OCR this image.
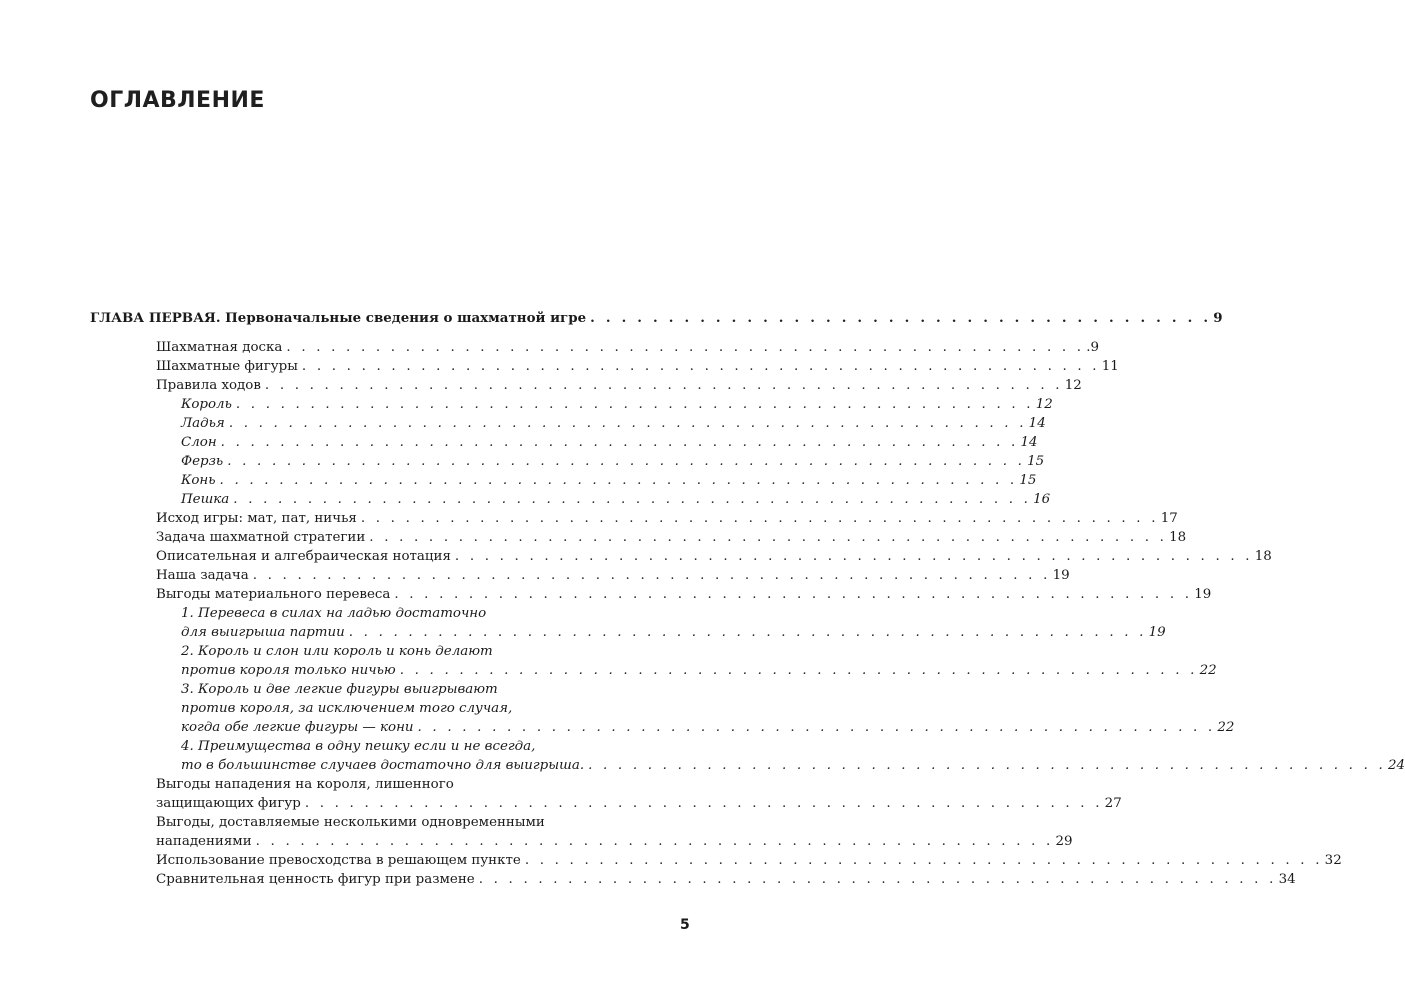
ОГЛАВЛЕНИЕ
ГЛАВА ПЕРВАЯ. Первоначальные сведения о шахматной игре . . . . . . . . . . . . . . . . . . . . . . . . . . . . . . . . . . . . . . . . 9
Шахматная доска . . . . . . . . . . . . . . . . . . . . . . . . . . . . . . . . . . . . . . . . . . . . . . . . . . . . . . .9
Шахматные фигуры . . . . . . . . . . . . . . . . . . . . . . . . . . . . . . . . . . . . . . . . . . . . . . . . . . . . . . 11
Правила ходов . . . . . . . . . . . . . . . . . . . . . . . . . . . . . . . . . . . . . . . . . . . . . . . . . . . . . . 12
Король . . . . . . . . . . . . . . . . . . . . . . . . . . . . . . . . . . . . . . . . . . . . . . . . . . . . . . 12
Ладья . . . . . . . . . . . . . . . . . . . . . . . . . . . . . . . . . . . . . . . . . . . . . . . . . . . . . . 14
Слон . . . . . . . . . . . . . . . . . . . . . . . . . . . . . . . . . . . . . . . . . . . . . . . . . . . . . . 14
Ферзь . . . . . . . . . . . . . . . . . . . . . . . . . . . . . . . . . . . . . . . . . . . . . . . . . . . . . . 15
Конь . . . . . . . . . . . . . . . . . . . . . . . . . . . . . . . . . . . . . . . . . . . . . . . . . . . . . . 15
Пешка . . . . . . . . . . . . . . . . . . . . . . . . . . . . . . . . . . . . . . . . . . . . . . . . . . . . . . 16
Исход игры: мат, пат, ничья . . . . . . . . . . . . . . . . . . . . . . . . . . . . . . . . . . . . . . . . . . . . . . . . . . . . . . 17
Задача шахматной стратегии . . . . . . . . . . . . . . . . . . . . . . . . . . . . . . . . . . . . . . . . . . . . . . . . . . . . . . 18
Описательная и алгебраическая нотация . . . . . . . . . . . . . . . . . . . . . . . . . . . . . . . . . . . . . . . . . . . . . . . . . . . . . . 18
Наша задача . . . . . . . . . . . . . . . . . . . . . . . . . . . . . . . . . . . . . . . . . . . . . . . . . . . . . . 19
Выгоды материального перевеса . . . . . . . . . . . . . . . . . . . . . . . . . . . . . . . . . . . . . . . . . . . . . . . . . . . . . . 19
1. Перевеса в силах на ладью достаточно
для выигрыша партии . . . . . . . . . . . . . . . . . . . . . . . . . . . . . . . . . . . . . . . . . . . . . . . . . . . . . . 19
2. Король и слон или король и конь делают
против короля только ничью . . . . . . . . . . . . . . . . . . . . . . . . . . . . . . . . . . . . . . . . . . . . . . . . . . . . . . 22
3. Король и две легкие фигуры выигрывают
против короля, за исключением того случая,
когда обе легкие фигуры — кони . . . . . . . . . . . . . . . . . . . . . . . . . . . . . . . . . . . . . . . . . . . . . . . . . . . . . . 22
4. Преимущества в одну пешку если и не всегда,
то в большинстве случаев достаточно для выигрыша. . . . . . . . . . . . . . . . . . . . . . . . . . . . . . . . . . . . . . . . . . . . . . . . . . . . . . . 24
Выгоды нападения на короля, лишенного
защищающих фигур . . . . . . . . . . . . . . . . . . . . . . . . . . . . . . . . . . . . . . . . . . . . . . . . . . . . . . 27
Выгоды, доставляемые несколькими одновременными
нападениями . . . . . . . . . . . . . . . . . . . . . . . . . . . . . . . . . . . . . . . . . . . . . . . . . . . . . . 29
Использование превосходства в решающем пункте . . . . . . . . . . . . . . . . . . . . . . . . . . . . . . . . . . . . . . . . . . . . . . . . . . . . . . 32
Сравнительная ценность фигур при размене . . . . . . . . . . . . . . . . . . . . . . . . . . . . . . . . . . . . . . . . . . . . . . . . . . . . . . 34
5
